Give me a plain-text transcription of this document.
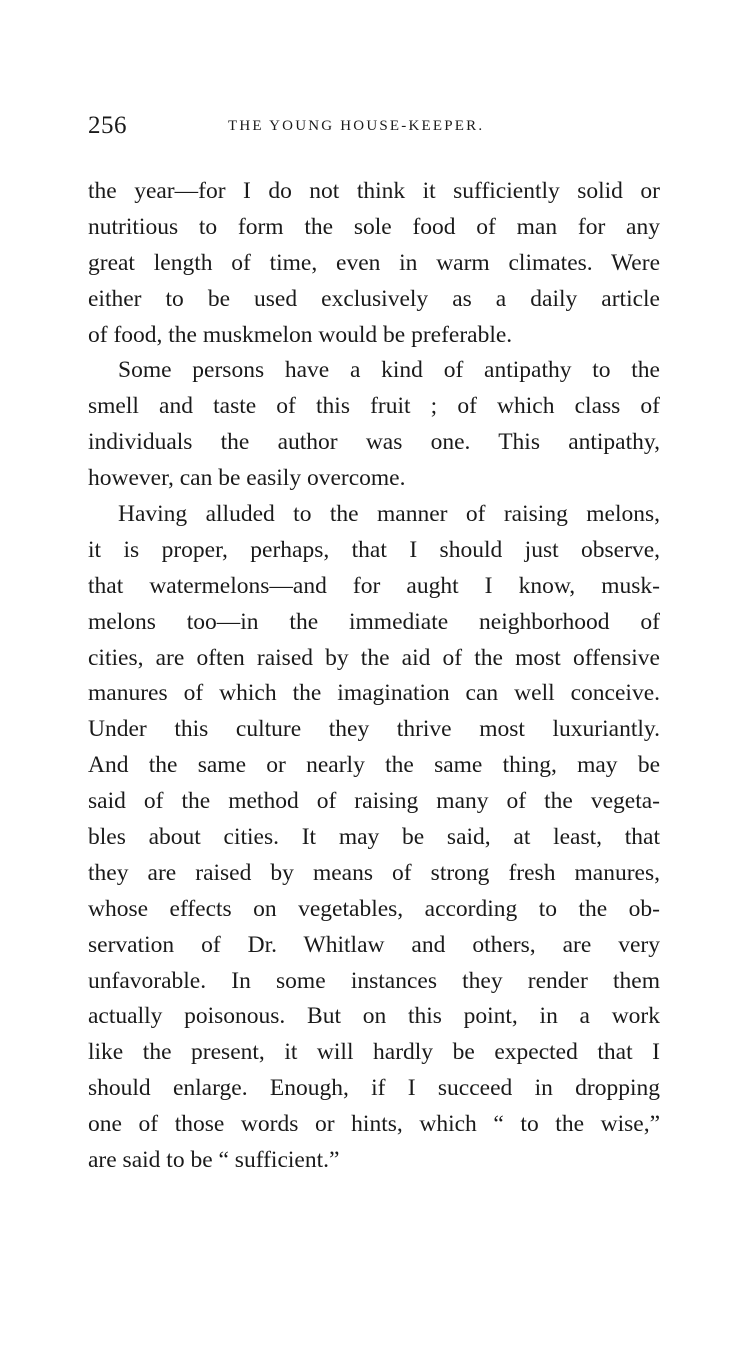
256	THE YOUNG HOUSE-KEEPER.
the year—for I do not think it sufficiently solid or
nutritious to form the sole food of man for any
great length of time, even in warm climates. Were
either to be used exclusively as a daily article
of food, the muskmelon would be preferable.
Some persons have a kind of antipathy to the
smell and taste of this fruit ; of which class of
individuals the author was one. This antipathy,
however, can be easily overcome.
Having alluded to the manner of raising melons,
it is proper, perhaps, that I should just observe,
that watermelons—and for aught I know, musk-
melons too—in the immediate neighborhood of
cities, are often raised by the aid of the most offensive
manures of which the imagination can well conceive.
Under this culture they thrive most luxuriantly.
And the same or nearly the same thing, may be
said of the method of raising many of the vegeta-
bles about cities. It may be said, at least, that
they are raised by means of strong fresh manures,
whose effects on vegetables, according to the ob-
servation of Dr. Whitlaw and others, are very
unfavorable. In some instances they render them
actually poisonous. But on this point, in a work
like the present, it will hardly be expected that I
should enlarge. Enough, if I succeed in dropping
one of those words or hints, which “ to the wise,”
are said to be “ sufficient.”
